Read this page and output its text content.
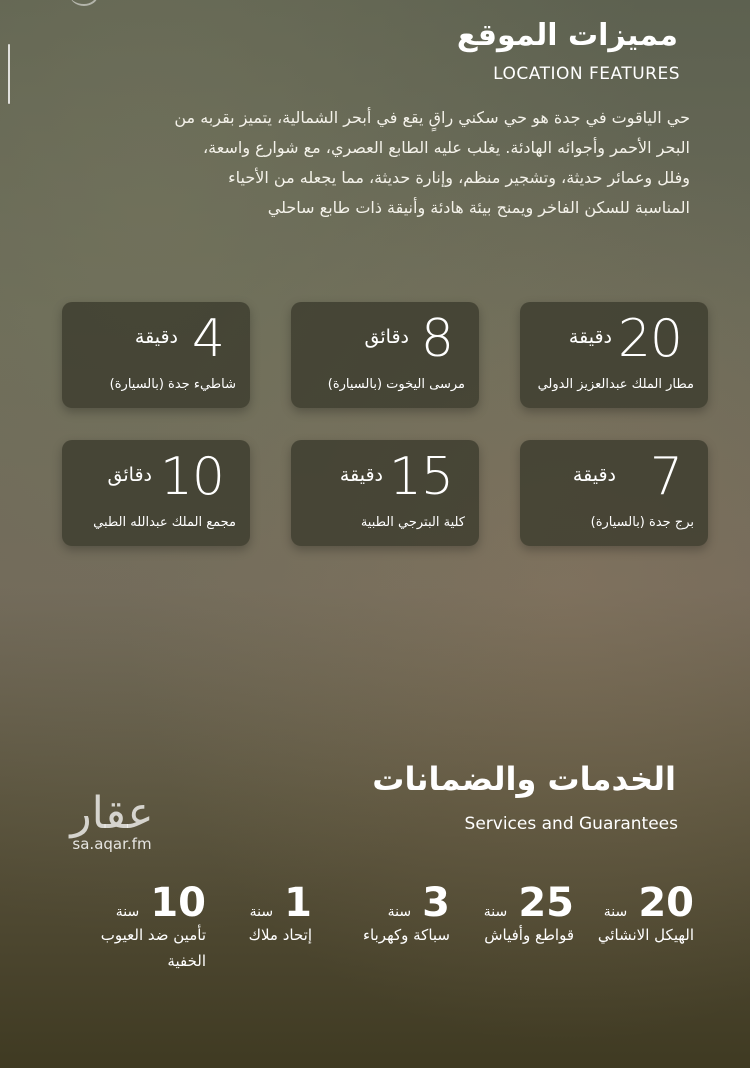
مميزات الموقع
LOCATION FEATURES
حي الياقوت في جدة هو حي سكني راقٍ يقع في أبحر الشمالية، يتميز بقربه من
البحر الأحمر وأجوائه الهادئة. يغلب عليه الطابع العصري، مع شوارع واسعة،
وفلل وعمائر حديثة، وتشجير منظم، وإنارة حديثة، مما يجعله من الأحياء
المناسبة للسكن الفاخر ويمنح بيئة هادئة وأنيقة ذات طابع ساحلي
20
دقيقة
مطار الملك عبدالعزيز الدولي
8
دقائق
مرسى اليخوت (بالسيارة)
4
دقيقة
شاطيء جدة (بالسيارة)
7
دقيقة
برج جدة (بالسيارة)
15
دقيقة
كلية البترجي الطبية
10
دقائق
مجمع الملك عبدالله الطبي
الخدمات والضمانات
Services and Guarantees
عقار
sa.aqar.fm
20 سنة
الهيكل الانشائي
25 سنة
قواطع وأفياش
3 سنة
سباكة وكهرباء
1 سنة
إتحاد ملاك
10 سنة
تأمين ضد العيوب
الخفية
